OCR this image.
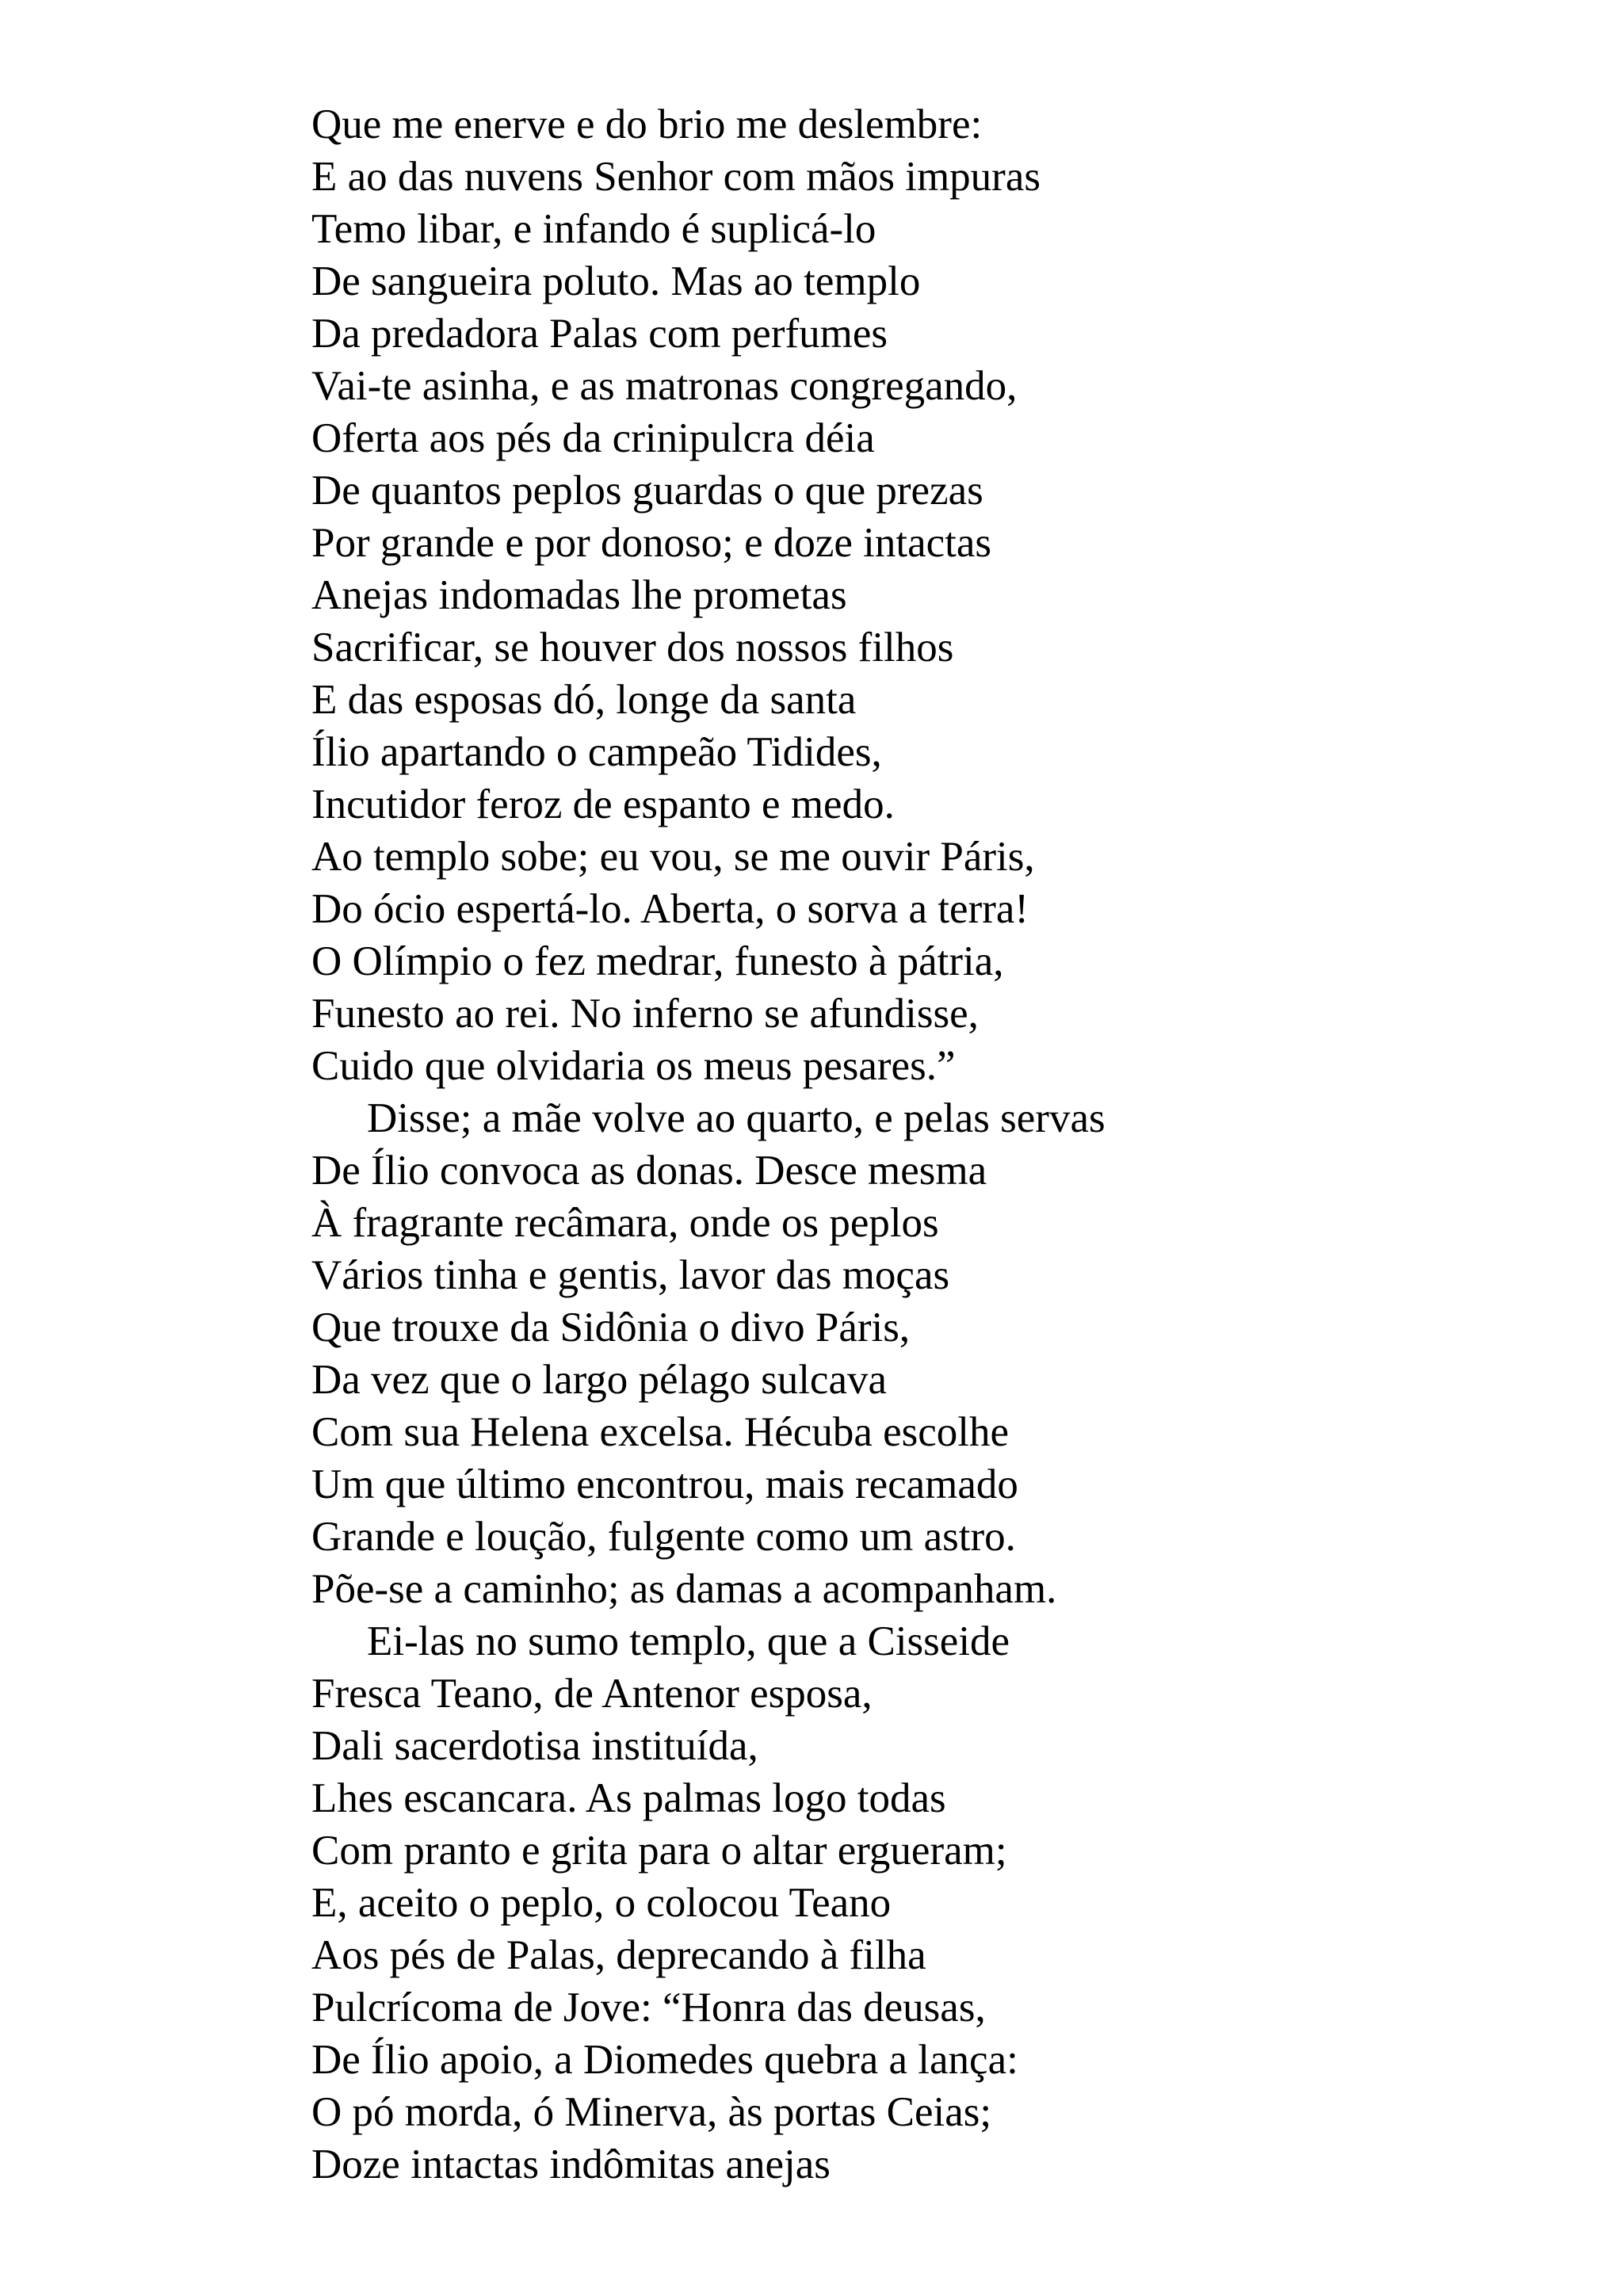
Que me enerve e do brio me deslembre:
E ao das nuvens Senhor com mãos impuras
Temo libar, e infando é suplicá-lo
De sangueira poluto. Mas ao templo
Da predadora Palas com perfumes
Vai-te asinha, e as matronas congregando,
Oferta aos pés da crinipulcra déia
De quantos peplos guardas o que prezas
Por grande e por donoso; e doze intactas
Anejas indomadas lhe prometas
Sacrificar, se houver dos nossos filhos
E das esposas dó, longe da santa
Ílio apartando o campeão Tidides,
Incutidor feroz de espanto e medo.
Ao templo sobe; eu vou, se me ouvir Páris,
Do ócio espertá-lo. Aberta, o sorva a terra!
O Olímpio o fez medrar, funesto à pátria,
Funesto ao rei. No inferno se afundisse,
Cuido que olvidaria os meus pesares.”
Disse; a mãe volve ao quarto, e pelas servas
De Ílio convoca as donas. Desce mesma
À fragrante recâmara, onde os peplos
Vários tinha e gentis, lavor das moças
Que trouxe da Sidônia o divo Páris,
Da vez que o largo pélago sulcava
Com sua Helena excelsa. Hécuba escolhe
Um que último encontrou, mais recamado
Grande e loução, fulgente como um astro.
Põe-se a caminho; as damas a acompanham.
Ei-las no sumo templo, que a Cisseide
Fresca Teano, de Antenor esposa,
Dali sacerdotisa instituída,
Lhes escancara. As palmas logo todas
Com pranto e grita para o altar ergueram;
E, aceito o peplo, o colocou Teano
Aos pés de Palas, deprecando à filha
Pulcrícoma de Jove: “Honra das deusas,
De Ílio apoio, a Diomedes quebra a lança:
O pó morda, ó Minerva, às portas Ceias;
Doze intactas indômitas anejas
